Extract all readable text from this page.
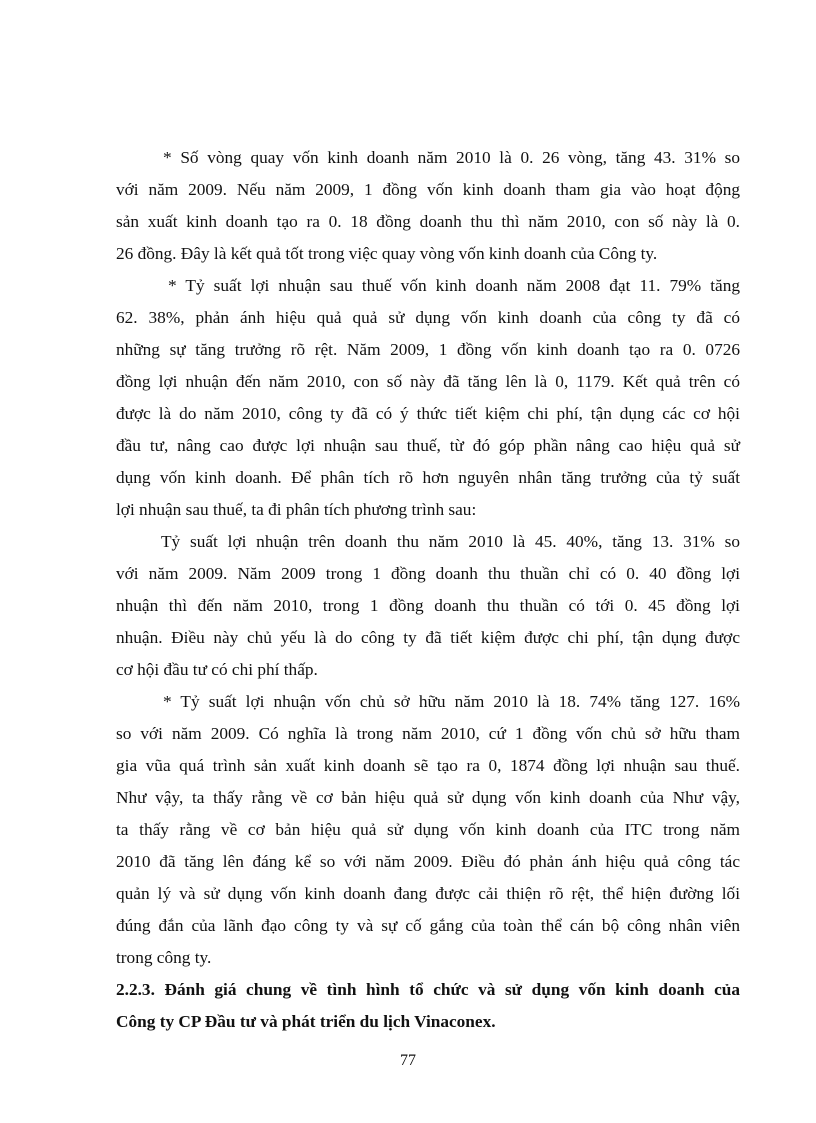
* Số vòng quay vốn kinh doanh năm 2010 là 0. 26 vòng, tăng 43. 31% so
với năm 2009. Nếu năm 2009, 1 đồng vốn kinh doanh tham gia vào hoạt động
sản xuất kinh doanh tạo ra 0. 18 đồng doanh thu thì năm 2010, con số này là 0.
26 đồng. Đây là kết quả tốt trong việc quay vòng vốn kinh doanh của Công ty.
* Tỷ suất lợi nhuận sau thuế vốn kinh doanh năm 2008 đạt 11. 79% tăng
62. 38%, phản ánh hiệu quả quả sử dụng vốn kinh doanh của công ty đã có
những sự tăng trưởng rõ rệt. Năm 2009, 1 đồng vốn kinh doanh tạo ra 0. 0726
đồng lợi nhuận đến năm 2010, con số này đã tăng lên là 0, 1179. Kết quả trên có
được là do năm 2010, công ty đã có ý thức tiết kiệm chi phí, tận dụng các cơ hội
đầu tư, nâng cao được lợi nhuận sau thuế, từ đó góp phần nâng cao hiệu quả sử
dụng vốn kinh doanh. Để phân tích rõ hơn nguyên nhân tăng trưởng của tỷ suất
lợi nhuận sau thuế, ta đi phân tích phương trình sau:
Tỷ suất lợi nhuận trên doanh thu năm 2010 là 45. 40%, tăng 13. 31% so
với năm 2009. Năm 2009 trong 1 đồng doanh thu thuần chỉ có 0. 40 đồng lợi
nhuận thì đến năm 2010, trong 1 đồng doanh thu thuần có tới 0. 45 đồng lợi
nhuận. Điều này chủ yếu là do công ty đã tiết kiệm được chi phí, tận dụng được
cơ hội đầu tư có chi phí thấp.
* Tỷ suất lợi nhuận vốn chủ sở hữu năm 2010 là 18. 74% tăng 127. 16%
so với năm 2009. Có nghĩa là trong năm 2010, cứ 1 đồng vốn chủ sở hữu tham
gia vũa quá trình sản xuất kinh doanh sẽ tạo ra 0, 1874 đồng lợi nhuận sau thuế.
Như vậy, ta thấy rằng về cơ bản hiệu quả sử dụng vốn kinh doanh của Như vậy,
ta thấy rằng về cơ bản hiệu quả sử dụng vốn kinh doanh của ITC trong năm
2010 đã tăng lên đáng kể so với năm 2009. Điều đó phản ánh hiệu quả công tác
quản lý và sử dụng vốn kinh doanh đang được cải thiện rõ rệt, thể hiện đường lối
đúng đắn của lãnh đạo công ty và sự cố gắng của toàn thể cán bộ công nhân viên
trong công ty.
2.2.3. Đánh giá chung về tình hình tổ chức và sử dụng vốn kinh doanh của
Công ty CP Đầu tư và phát triển du lịch Vinaconex.
77
